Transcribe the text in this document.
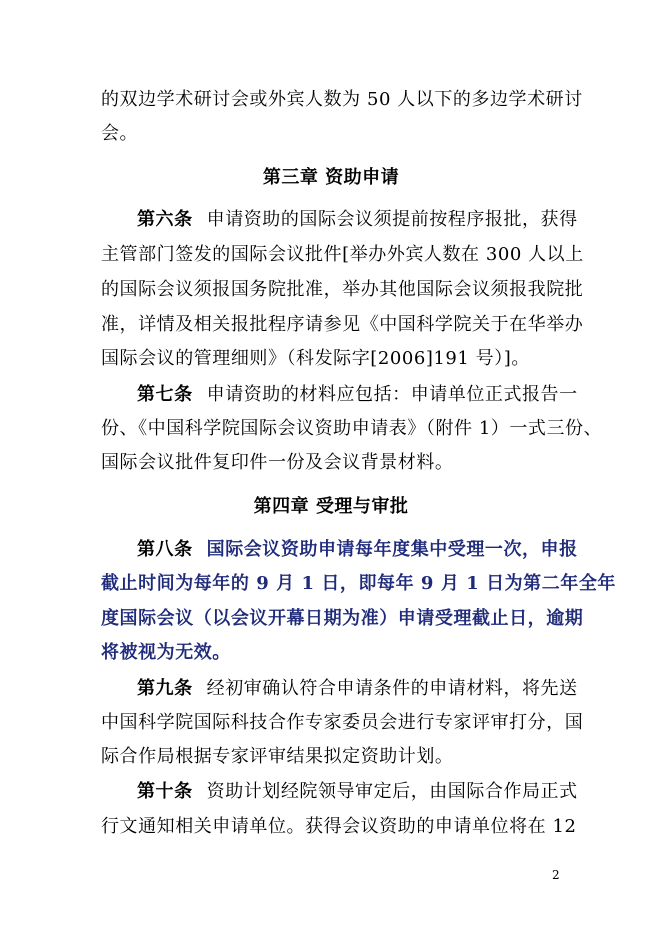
的双边学术研讨会或外宾人数为 50 人以下的多边学术研讨
会。
第三章 资助申请
第六条 申请资助的国际会议须提前按程序报批，获得
主管部门签发的国际会议批件[举办外宾人数在 300 人以上
的国际会议须报国务院批准，举办其他国际会议须报我院批
准，详情及相关报批程序请参见《中国科学院关于在华举办
国际会议的管理细则》（科发际字[2006]191 号）]。
第七条 申请资助的材料应包括：申请单位正式报告一
份、《中国科学院国际会议资助申请表》（附件 1）一式三份、
国际会议批件复印件一份及会议背景材料。
第四章 受理与审批
第八条 国际会议资助申请每年度集中受理一次，申报
截止时间为每年的 9 月 1 日，即每年 9 月 1 日为第二年全年
度国际会议（以会议开幕日期为准）申请受理截止日，逾期
将被视为无效。
第九条 经初审确认符合申请条件的申请材料，将先送
中国科学院国际科技合作专家委员会进行专家评审打分，国
际合作局根据专家评审结果拟定资助计划。
第十条 资助计划经院领导审定后，由国际合作局正式
行文通知相关申请单位。获得会议资助的申请单位将在 12
2
